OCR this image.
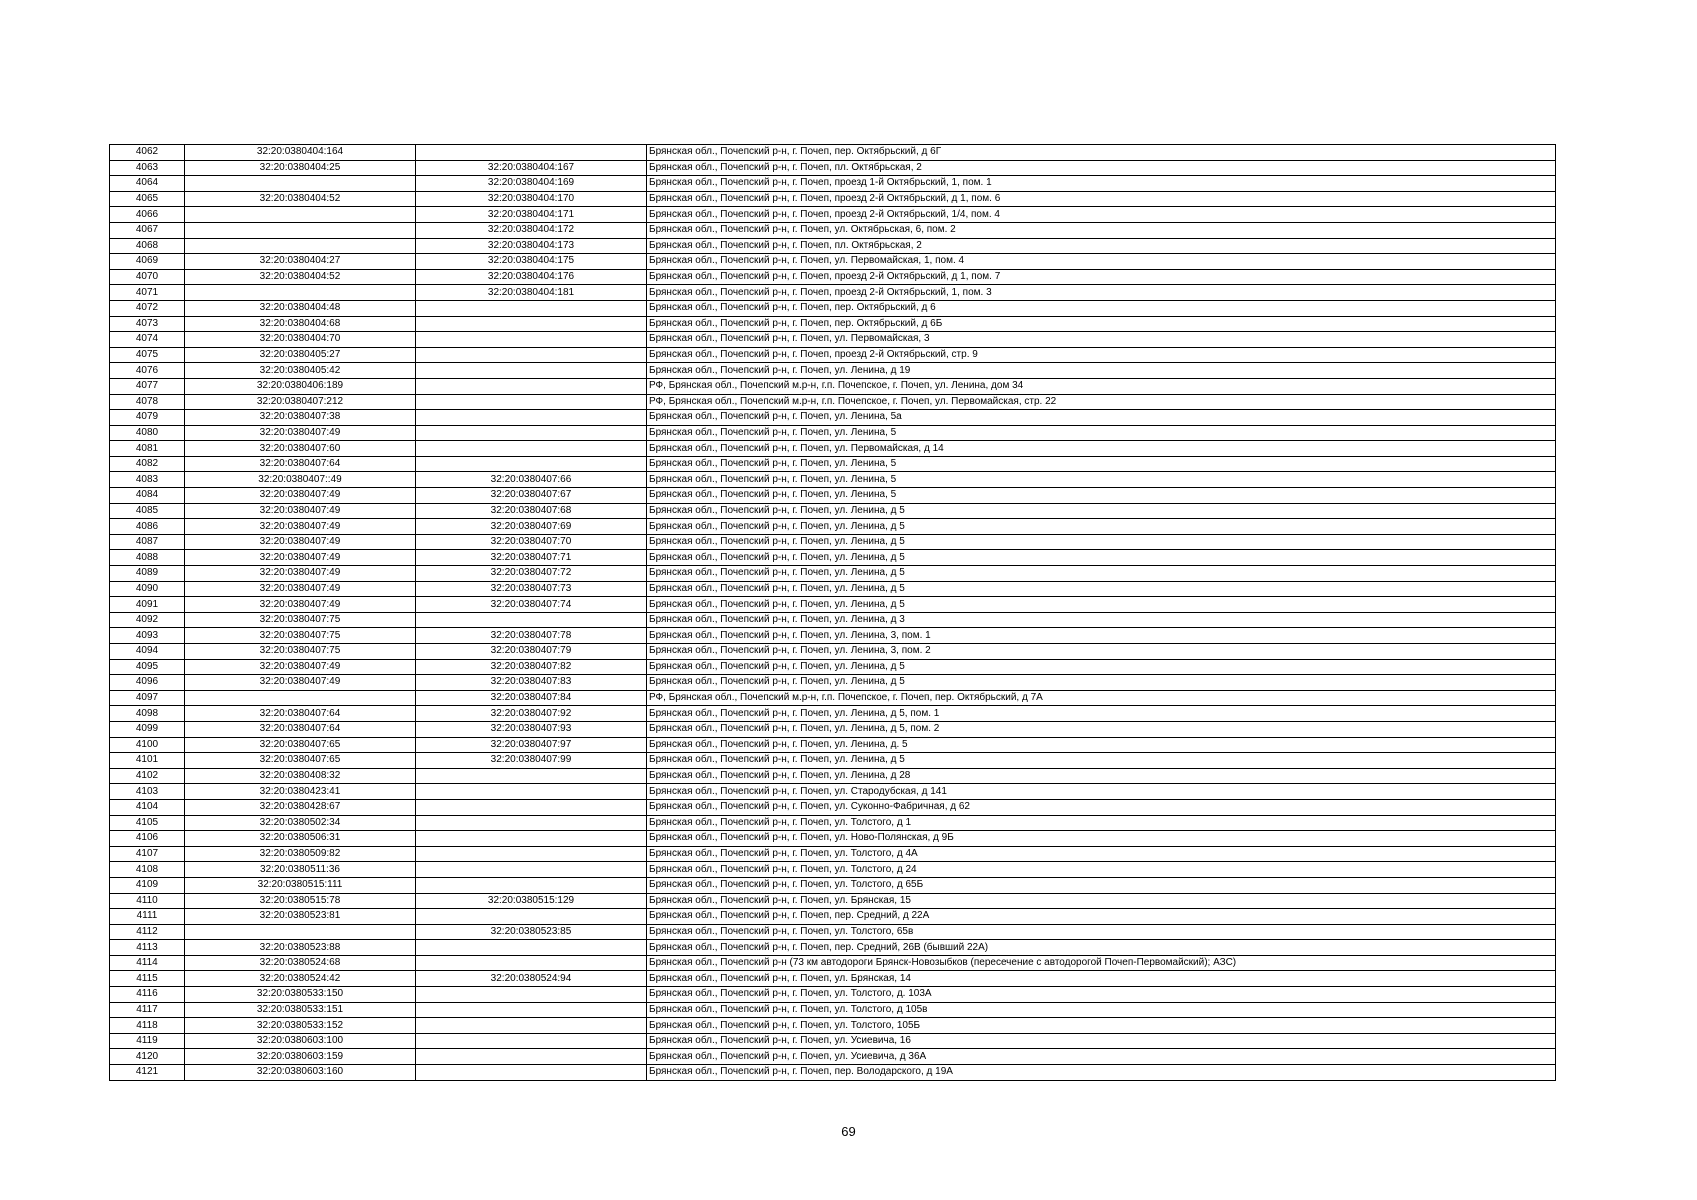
4062	32:20:0380404:164		Брянская обл., Почепский р-н, г. Почеп, пер. Октябрьский, д 6Г
4063	32:20:0380404:25	32:20:0380404:167	Брянская обл., Почепский р-н, г. Почеп, пл. Октябрьская, 2
4064		32:20:0380404:169	Брянская обл., Почепский р-н, г. Почеп, проезд 1-й Октябрьский, 1, пом. 1
4065	32:20:0380404:52	32:20:0380404:170	Брянская обл., Почепский р-н, г. Почеп, проезд 2-й Октябрьский, д 1, пом. 6
4066		32:20:0380404:171	Брянская обл., Почепский р-н, г. Почеп, проезд 2-й Октябрьский, 1/4, пом. 4
4067		32:20:0380404:172	Брянская обл., Почепский р-н, г. Почеп, ул. Октябрьская, 6, пом. 2
4068		32:20:0380404:173	Брянская обл., Почепский р-н, г. Почеп, пл. Октябрьская, 2
4069	32:20:0380404:27	32:20:0380404:175	Брянская обл., Почепский р-н, г. Почеп, ул. Первомайская, 1, пом. 4
4070	32:20:0380404:52	32:20:0380404:176	Брянская обл., Почепский р-н, г. Почеп, проезд 2-й Октябрьский, д 1, пом. 7
4071		32:20:0380404:181	Брянская обл., Почепский р-н, г. Почеп, проезд 2-й Октябрьский, 1, пом. 3
4072	32:20:0380404:48		Брянская обл., Почепский р-н, г. Почеп, пер. Октябрьский, д 6
4073	32:20:0380404:68		Брянская обл., Почепский р-н, г. Почеп, пер. Октябрьский, д 6Б
4074	32:20:0380404:70		Брянская обл., Почепский р-н, г. Почеп, ул. Первомайская, 3
4075	32:20:0380405:27		Брянская обл., Почепский р-н, г. Почеп, проезд 2-й Октябрьский, стр. 9
4076	32:20:0380405:42		Брянская обл., Почепский р-н, г. Почеп, ул. Ленина, д 19
4077	32:20:0380406:189		РФ, Брянская обл., Почепский м.р-н, г.п. Почепское, г. Почеп, ул. Ленина, дом 34
4078	32:20:0380407:212		РФ, Брянская обл., Почепский м.р-н, г.п. Почепское, г. Почеп, ул. Первомайская, стр. 22
4079	32:20:0380407:38		Брянская обл., Почепский р-н, г. Почеп, ул. Ленина, 5а
4080	32:20:0380407:49		Брянская обл., Почепский р-н, г. Почеп, ул. Ленина, 5
4081	32:20:0380407:60		Брянская обл., Почепский р-н, г. Почеп, ул. Первомайская, д 14
4082	32:20:0380407:64		Брянская обл., Почепский р-н, г. Почеп, ул. Ленина, 5
4083	32:20:0380407::49	32:20:0380407:66	Брянская обл., Почепский р-н, г. Почеп, ул. Ленина, 5
4084	32:20:0380407:49	32:20:0380407:67	Брянская обл., Почепский р-н, г. Почеп, ул. Ленина, 5
4085	32:20:0380407:49	32:20:0380407:68	Брянская обл., Почепский р-н, г. Почеп, ул. Ленина, д 5
4086	32:20:0380407:49	32:20:0380407:69	Брянская обл., Почепский р-н, г. Почеп, ул. Ленина, д 5
4087	32:20:0380407:49	32:20:0380407:70	Брянская обл., Почепский р-н, г. Почеп, ул. Ленина, д 5
4088	32:20:0380407:49	32:20:0380407:71	Брянская обл., Почепский р-н, г. Почеп, ул. Ленина, д 5
4089	32:20:0380407:49	32:20:0380407:72	Брянская обл., Почепский р-н, г. Почеп, ул. Ленина, д 5
4090	32:20:0380407:49	32:20:0380407:73	Брянская обл., Почепский р-н, г. Почеп, ул. Ленина, д 5
4091	32:20:0380407:49	32:20:0380407:74	Брянская обл., Почепский р-н, г. Почеп, ул. Ленина, д 5
4092	32:20:0380407:75		Брянская обл., Почепский р-н, г. Почеп, ул. Ленина, д 3
4093	32:20:0380407:75	32:20:0380407:78	Брянская обл., Почепский р-н, г. Почеп, ул. Ленина, 3, пом. 1
4094	32:20:0380407:75	32:20:0380407:79	Брянская обл., Почепский р-н, г. Почеп, ул. Ленина, 3, пом. 2
4095	32:20:0380407:49	32:20:0380407:82	Брянская обл., Почепский р-н, г. Почеп, ул. Ленина, д 5
4096	32:20:0380407:49	32:20:0380407:83	Брянская обл., Почепский р-н, г. Почеп, ул. Ленина, д 5
4097		32:20:0380407:84	РФ, Брянская обл., Почепский м.р-н, г.п. Почепское, г. Почеп, пер. Октябрьский, д 7А
4098	32:20:0380407:64	32:20:0380407:92	Брянская обл., Почепский р-н, г. Почеп, ул. Ленина, д 5, пом. 1
4099	32:20:0380407:64	32:20:0380407:93	Брянская обл., Почепский р-н, г. Почеп, ул. Ленина, д 5, пом. 2
4100	32:20:0380407:65	32:20:0380407:97	Брянская обл., Почепский р-н, г. Почеп, ул. Ленина, д. 5
4101	32:20:0380407:65	32:20:0380407:99	Брянская обл., Почепский р-н, г. Почеп, ул. Ленина, д 5
4102	32:20:0380408:32		Брянская обл., Почепский р-н, г. Почеп, ул. Ленина, д 28
4103	32:20:0380423:41		Брянская обл., Почепский р-н, г. Почеп, ул. Стародубская, д 141
4104	32:20:0380428:67		Брянская обл., Почепский р-н, г. Почеп, ул. Суконно-Фабричная, д 62
4105	32:20:0380502:34		Брянская обл., Почепский р-н, г. Почеп, ул. Толстого, д 1
4106	32:20:0380506:31		Брянская обл., Почепский р-н, г. Почеп, ул. Ново-Полянская, д 9Б
4107	32:20:0380509:82		Брянская обл., Почепский р-н, г. Почеп, ул. Толстого, д 4А
4108	32:20:0380511:36		Брянская обл., Почепский р-н, г. Почеп, ул. Толстого, д 24
4109	32:20:0380515:111		Брянская обл., Почепский р-н, г. Почеп, ул. Толстого, д 65Б
4110	32:20:0380515:78	32:20:0380515:129	Брянская обл., Почепский р-н, г. Почеп, ул. Брянская, 15
4111	32:20:0380523:81		Брянская обл., Почепский р-н, г. Почеп, пер. Средний, д 22А
4112		32:20:0380523:85	Брянская обл., Почепский р-н, г. Почеп, ул. Толстого, 65в
4113	32:20:0380523:88		Брянская обл., Почепский р-н, г. Почеп, пер. Средний, 26В (бывший 22А)
4114	32:20:0380524:68		Брянская обл., Почепский р-н (73 км автодороги Брянск-Новозыбков (пересечение с автодорогой Почеп-Первомайский); АЗС)
4115	32:20:0380524:42	32:20:0380524:94	Брянская обл., Почепский р-н, г. Почеп, ул. Брянская, 14
4116	32:20:0380533:150		Брянская обл., Почепский р-н, г. Почеп, ул. Толстого, д. 103А
4117	32:20:0380533:151		Брянская обл., Почепский р-н, г. Почеп, ул. Толстого, д 105в
4118	32:20:0380533:152		Брянская обл., Почепский р-н, г. Почеп, ул. Толстого, 105Б
4119	32:20:0380603:100		Брянская обл., Почепский р-н, г. Почеп, ул. Усиевича, 16
4120	32:20:0380603:159		Брянская обл., Почепский р-н, г. Почеп, ул. Усиевича, д 36А
4121	32:20:0380603:160		Брянская обл., Почепский р-н, г. Почеп, пер. Володарского, д 19А
69
